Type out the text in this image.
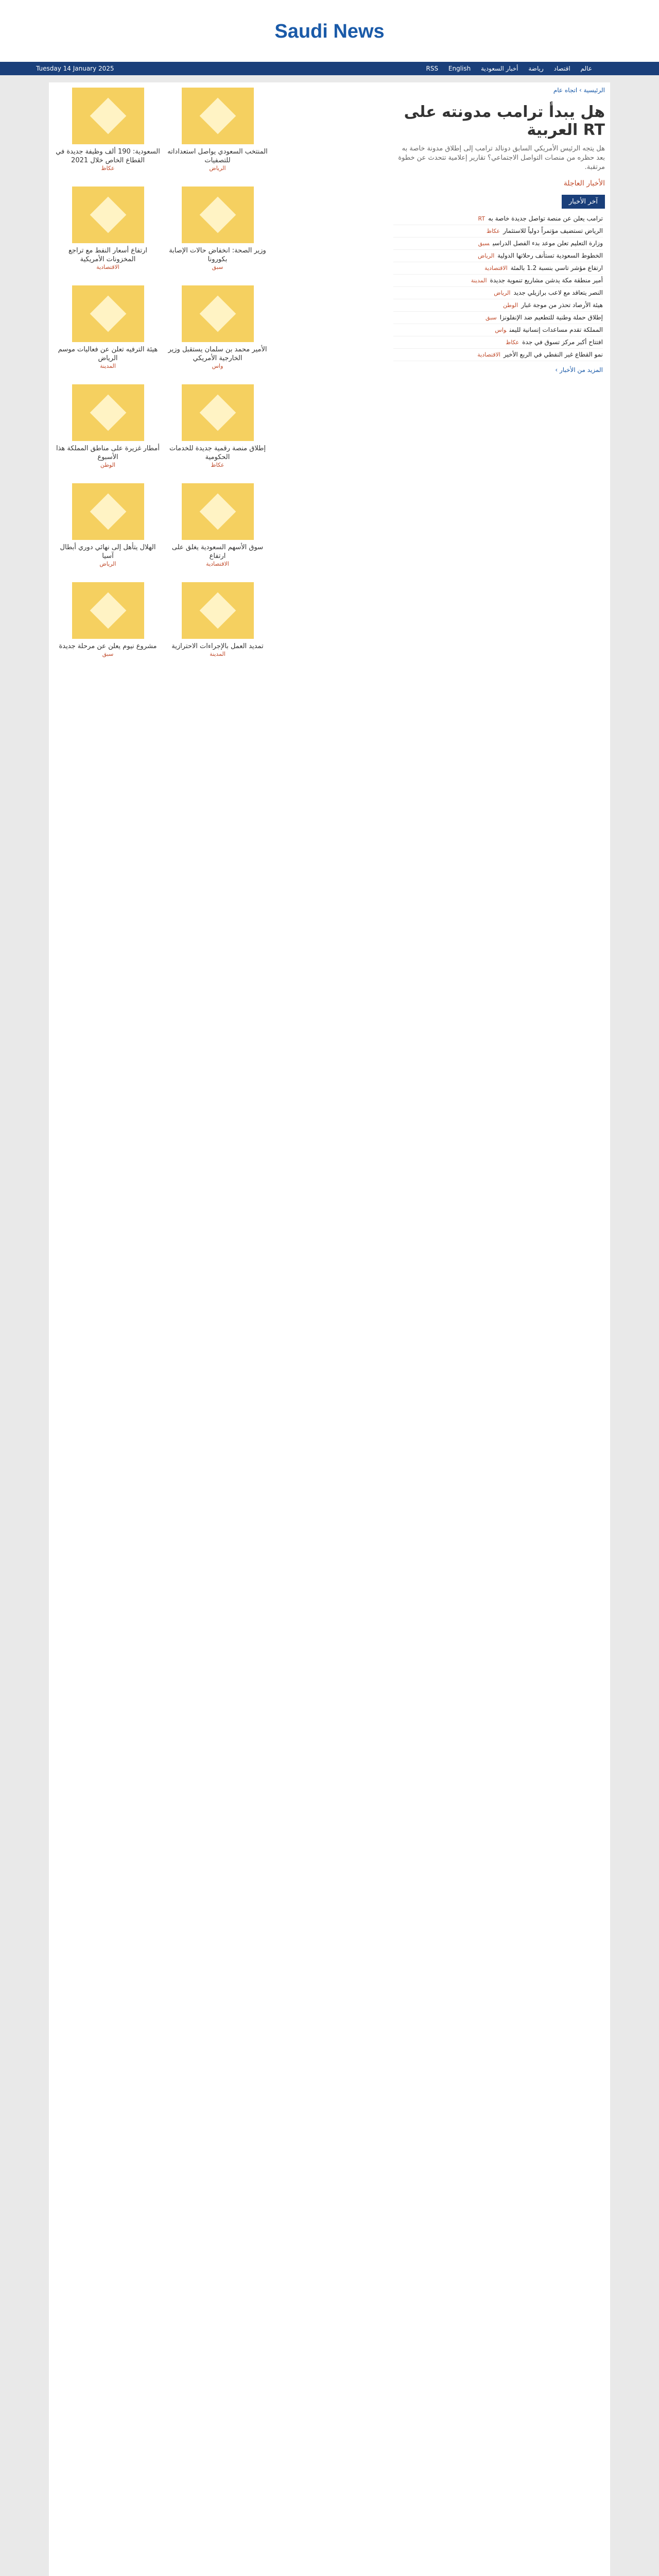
Saudi News
Tuesday 14 January 2025	RSS English	عالم اقتصاد رياضة أخبار السعودية
السعودية: 190 ألف وظيفة جديدة في القطاع الخاص خلال 2021
عكاظ
المنتخب السعودي يواصل استعداداته للتصفيات
الرياض
ارتفاع أسعار النفط مع تراجع المخزونات الأمريكية
الاقتصادية
وزير الصحة: انخفاض حالات الإصابة بكورونا
سبق
هيئة الترفيه تعلن عن فعاليات موسم الرياض
المدينة
الأمير محمد بن سلمان يستقبل وزير الخارجية الأمريكي
واس
أمطار غزيرة على مناطق المملكة هذا الأسبوع
الوطن
إطلاق منصة رقمية جديدة للخدمات الحكومية
عكاظ
الهلال يتأهل إلى نهائي دوري أبطال آسيا
الرياض
سوق الأسهم السعودية يغلق على ارتفاع
الاقتصادية
مشروع نيوم يعلن عن مرحلة جديدة
سبق
تمديد العمل بالإجراءات الاحترازية
المدينة
الرئيسية › اتجاه عام
هل يبدأ ترامب مدونته على RT العربية
هل يتجه الرئيس الأمريكي السابق دونالد ترامب إلى إطلاق مدونة خاصة به بعد حظره من منصات التواصل الاجتماعي؟ تقارير إعلامية تتحدث عن خطوة مرتقبة.
الأخبار العاجلة
آخر الأخبار
ترامب يعلن عن منصة تواصل جديدة خاصة بهRT
الرياض تستضيف مؤتمراً دولياً للاستثمارعكاظ
وزارة التعليم تعلن موعد بدء الفصل الدراسيسبق
الخطوط السعودية تستأنف رحلاتها الدوليةالرياض
ارتفاع مؤشر تاسي بنسبة 1.2 بالمئةالاقتصادية
أمير منطقة مكة يدشن مشاريع تنموية جديدةالمدينة
النصر يتعاقد مع لاعب برازيلي جديدالرياض
هيئة الأرصاد تحذر من موجة غبارالوطن
إطلاق حملة وطنية للتطعيم ضد الإنفلونزاسبق
المملكة تقدم مساعدات إنسانية لليمنواس
افتتاح أكبر مركز تسوق في جدةعكاظ
نمو القطاع غير النفطي في الربع الأخيرالاقتصادية
المزيد من الأخبار ›
